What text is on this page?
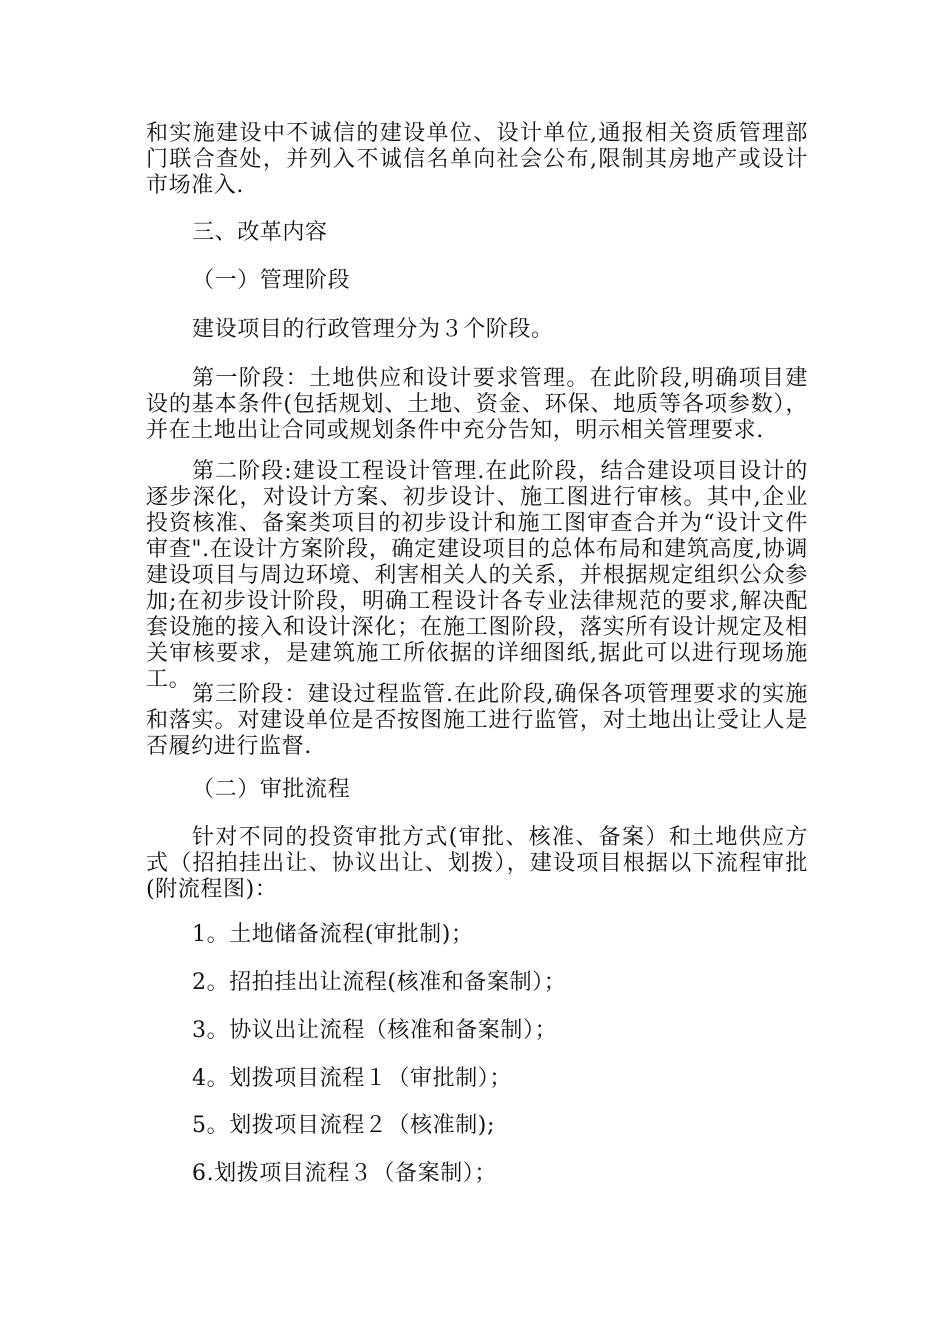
和实施建设中不诚信的建设单位、设计单位,通报相关资质管理部门联合查处，并列入不诚信名单向社会公布,限制其房地产或设计市场准入.

三、改革内容

（一）管理阶段

建设项目的行政管理分为３个阶段。

第一阶段：土地供应和设计要求管理。在此阶段,明确项目建设的基本条件(包括规划、土地、资金、环保、地质等各项参数），并在土地出让合同或规划条件中充分告知，明示相关管理要求.

第二阶段:建设工程设计管理.在此阶段，结合建设项目设计的逐步深化，对设计方案、初步设计、施工图进行审核。其中,企业投资核准、备案类项目的初步设计和施工图审查合并为“设计文件审查".在设计方案阶段，确定建设项目的总体布局和建筑高度,协调建设项目与周边环境、利害相关人的关系，并根据规定组织公众参加;在初步设计阶段，明确工程设计各专业法律规范的要求,解决配套设施的接入和设计深化；在施工图阶段，落实所有设计规定及相关审核要求，是建筑施工所依据的详细图纸,据此可以进行现场施工。

第三阶段：建设过程监管.在此阶段,确保各项管理要求的实施和落实。对建设单位是否按图施工进行监管，对土地出让受让人是否履约进行监督.

（二）审批流程

针对不同的投资审批方式(审批、核准、备案）和土地供应方式（招拍挂出让、协议出让、划拨），建设项目根据以下流程审批(附流程图)：

1。土地储备流程(审批制)；

2。招拍挂出让流程(核准和备案制）；

3。协议出让流程（核准和备案制）；

4。划拨项目流程１（审批制）；

5。划拨项目流程２（核准制);

6.划拨项目流程３（备案制）；
